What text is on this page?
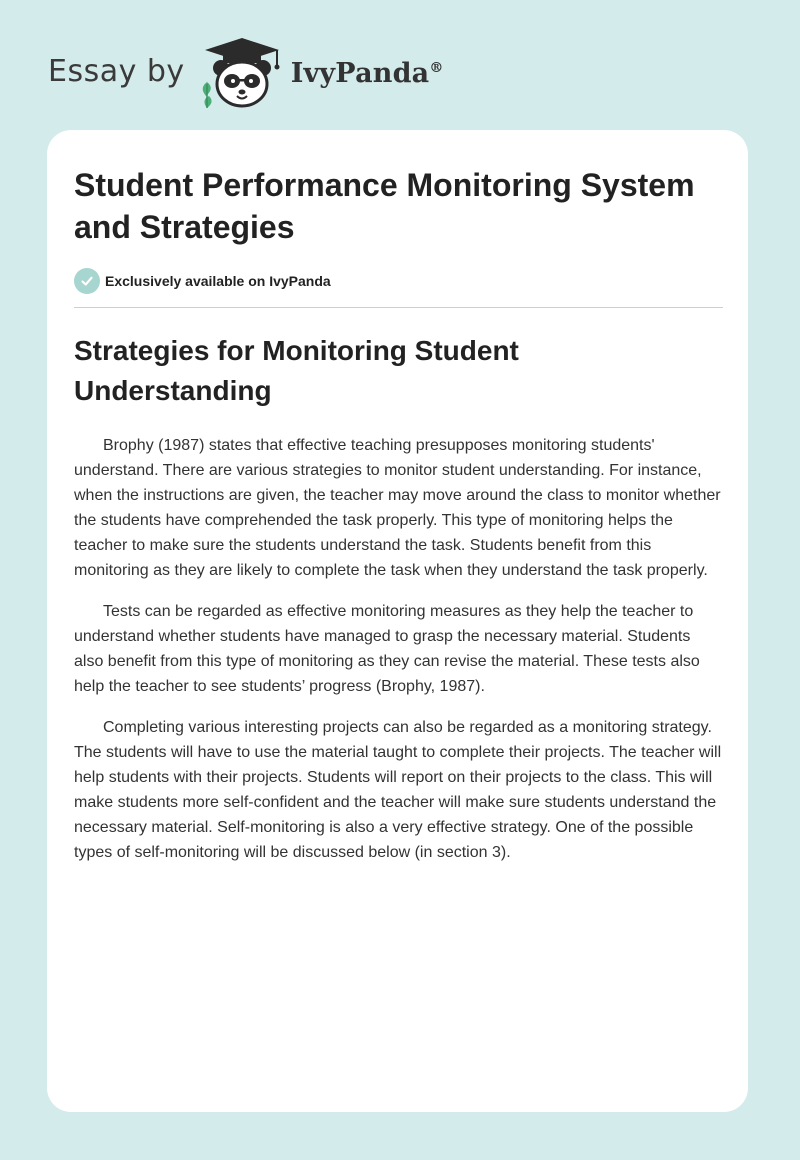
Essay by	IvyPanda®
Student Performance Monitoring System and Strategies
Exclusively available on IvyPanda
Strategies for Monitoring Student Understanding

Brophy (1987) states that effective teaching presupposes monitoring students' understand. There are various strategies to monitor student understanding. For instance, when the instructions are given, the teacher may move around the class to monitor whether the students have comprehended the task properly. This type of monitoring helps the teacher to make sure the students understand the task. Students benefit from this monitoring as they are likely to complete the task when they understand the task properly.

Tests can be regarded as effective monitoring measures as they help the teacher to understand whether students have managed to grasp the necessary material. Students also benefit from this type of monitoring as they can revise the material. These tests also help the teacher to see students’ progress (Brophy, 1987).

Completing various interesting projects can also be regarded as a monitoring strategy. The students will have to use the material taught to complete their projects. The teacher will help students with their projects. Students will report on their projects to the class. This will make students more self-confident and the teacher will make sure students understand the necessary material. Self-monitoring is also a very effective strategy. One of the possible types of self-monitoring will be discussed below (in section 3).
